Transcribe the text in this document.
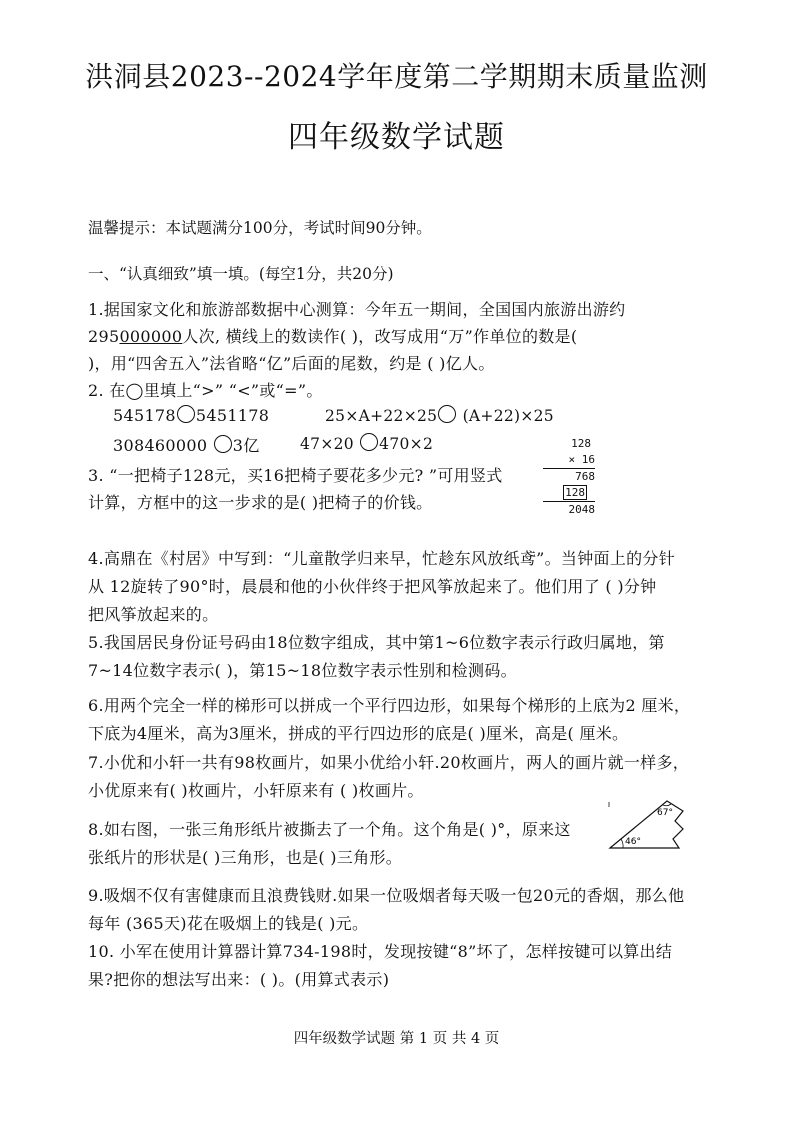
洪洞县2023--2024学年度第二学期期末质量监测
四年级数学试题
温馨提示：本试题满分100分，考试时间90分钟。
一、“认真细致”填一填。(每空1分，共20分)
1.据国家文化和旅游部数据中心测算：今年五一期间，全国国内旅游出游约
295000000人次, 横线上的数读作( )，改写成用“万”作单位的数是(
)，用“四舍五入”法省略“亿”后面的尾数，约是 ( )亿人。
2. 在◯里填上“>” “<”或“=”。
545178 5451178	25×A+22×25 (A+22)×25
308460000 3亿	47×20 470×2
3. “一把椅子128元，买16把椅子要花多少元? ”可用竖式
计算，方框中的这一步求的是( )把椅子的价钱。
128
× 16
768
128
2048
4.高鼎在《村居》中写到：“儿童散学归来早，忙趁东风放纸鸢”。当钟面上的分针
从 12旋转了90°时，晨晨和他的小伙伴终于把风筝放起来了。他们用了 ( )分钟
把风筝放起来的。
5.我国居民身份证号码由18位数字组成，其中第1~6位数字表示行政归属地，第
7~14位数字表示( )，第15~18位数字表示性别和检测码。
6.用两个完全一样的梯形可以拼成一个平行四边形，如果每个梯形的上底为2 厘米，
下底为4厘米，高为3厘米，拼成的平行四边形的底是( )厘米，高是( 厘米。
7.小优和小轩一共有98枚画片，如果小优给小轩.20枚画片，两人的画片就一样多，
小优原来有( )枚画片，小轩原来有 ( )枚画片。
8.如右图，一张三角形纸片被撕去了一个角。这个角是( )°，原来这
张纸片的形状是( )三角形，也是( )三角形。
67°
46°
9.吸烟不仅有害健康而且浪费钱财.如果一位吸烟者每天吸一包20元的香烟，那么他
每年 (365天)花在吸烟上的钱是( )元。
10. 小军在使用计算器计算734-198时，发现按键“8”坏了，怎样按键可以算出结
果?把你的想法写出来：( )。(用算式表示)
四年级数学试题 第 1 页 共 4 页
